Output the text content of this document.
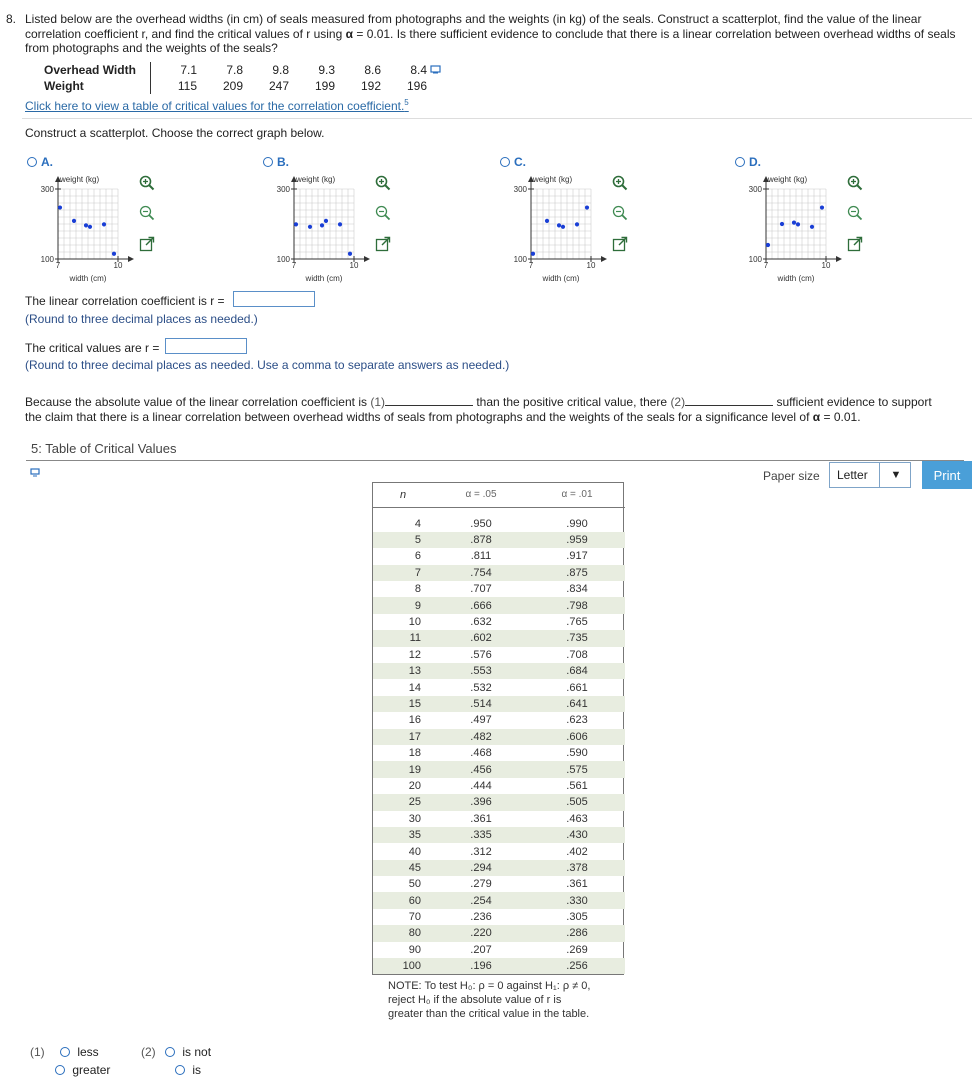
8. Listed below are the overhead widths (in cm) of seals measured from photographs and the weights (in kg) of the seals. Construct a scatterplot, find the value of the linear correlation coefficient r, and find the critical values of r using α = 0.01. Is there sufficient evidence to conclude that there is a linear correlation between overhead widths of seals from photographs and the weights of the seals?
Overhead Width	7.1	7.8	9.8	9.3	8.6	8.4
Weight	115	209	247	199	192	196
Click here to view a table of critical values for the correlation coefficient.$^5$
Construct a scatterplot. Choose the correct graph below.
A.
weight (kg)
300
100
7	10
width (cm)
B.
weight (kg)
300
100
7	10
width (cm)
C.
weight (kg)
300
100
7	10
width (cm)
D.
weight (kg)
300
100
7	10
width (cm)
The linear correlation coefficient is r =
(Round to three decimal places as needed.)
The critical values are r =
(Round to three decimal places as needed. Use a comma to separate answers as needed.)
Because the absolute value of the linear correlation coefficient is (1)	than the positive critical value, there (2)	sufficient evidence to support
the claim that there is a linear correlation between overhead widths of seals from photographs and the weights of the seals for a significance level of α = 0.01.
5: Table of Critical Values
Paper size Letter	▼	Print
n	α = .05	α = .01
4	.950	.990
5	.878	.959
6	.811	.917
7	.754	.875
8	.707	.834
9	.666	.798
10	.632	.765
11	.602	.735
12	.576	.708
13	.553	.684
14	.532	.661
15	.514	.641
16	.497	.623
17	.482	.606
18	.468	.590
19	.456	.575
20	.444	.561
25	.396	.505
30	.361	.463
35	.335	.430
40	.312	.402
45	.294	.378
50	.279	.361
60	.254	.330
70	.236	.305
80	.220	.286
90	.207	.269
100	.196	.256
NOTE: To test H₀: ρ = 0 against H₁: ρ ≠ 0,
reject H₀ if the absolute value of r is
greater than the critical value in the table.
(1)	less
greater
(2)	is not
is
